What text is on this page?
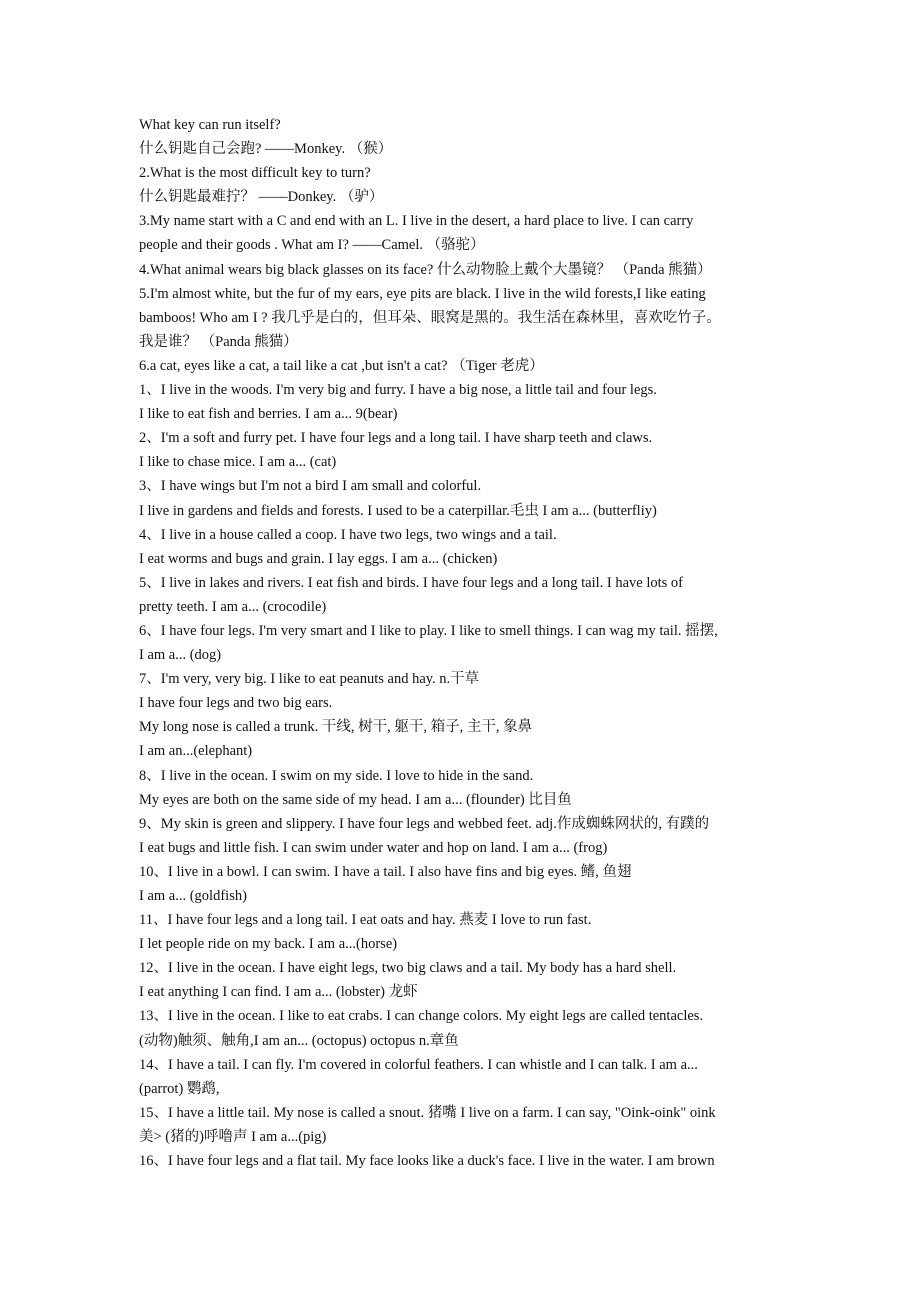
What key can run itself?
什么钥匙自己会跑? ——Monkey. （猴）
2.What is the most difficult key to turn?
什么钥匙最难拧？ ——Donkey. （驴）
3.My name start with a C and end with an L. I live in the desert, a hard place to live. I can carry
people and their goods . What am I? ——Camel. （骆驼）
4.What animal wears big black glasses on its face? 什么动物脸上戴个大墨镜？ （Panda 熊猫）
5.I'm almost white, but the fur of my ears, eye pits are black. I live in the wild forests,I like eating
bamboos! Who am I ? 我几乎是白的，但耳朵、眼窝是黑的。我生活在森林里，喜欢吃竹子。
我是谁？ （Panda 熊猫）
6.a cat, eyes like a cat, a tail like a cat ,but isn't a cat? （Tiger 老虎）
1、I live in the woods. I'm very big and furry. I have a big nose, a little tail and four legs.
I like to eat fish and berries. I am a... 9(bear)
2、I'm a soft and furry pet. I have four legs and a long tail. I have sharp teeth and claws.
I like to chase mice. I am a... (cat)
3、I have wings but I'm not a bird I am small and colorful.
I live in gardens and fields and forests. I used to be a caterpillar.毛虫 I am a... (butterfliy)
4、I live in a house called a coop. I have two legs, two wings and a tail.
I eat worms and bugs and grain. I lay eggs. I am a... (chicken)
5、I live in lakes and rivers. I eat fish and birds. I have four legs and a long tail. I have lots of
pretty teeth. I am a... (crocodile)
6、I have four legs. I'm very smart and I like to play. I like to smell things. I can wag my tail. 摇摆,
I am a... (dog)
7、I'm very, very big. I like to eat peanuts and hay. n.干草
I have four legs and two big ears.
My long nose is called a trunk. 干线, 树干, 躯干, 箱子, 主干, 象鼻
I am an...(elephant)
8、I live in the ocean. I swim on my side. I love to hide in the sand.
My eyes are both on the same side of my head. I am a... (flounder) 比目鱼
9、My skin is green and slippery. I have four legs and webbed feet. adj.作成蜘蛛网状的, 有蹼的
I eat bugs and little fish. I can swim under water and hop on land. I am a... (frog)
10、I live in a bowl. I can swim. I have a tail. I also have fins and big eyes. 鳍, 鱼翅
I am a... (goldfish)
11、I have four legs and a long tail. I eat oats and hay. 燕麦 I love to run fast.
I let people ride on my back. I am a...(horse)
12、I live in the ocean. I have eight legs, two big claws and a tail. My body has a hard shell.
I eat anything I can find. I am a... (lobster) 龙虾
13、I live in the ocean. I like to eat crabs. I can change colors. My eight legs are called tentacles.
(动物)触须、触角,I am an... (octopus) octopus n.章鱼
14、I have a tail. I can fly. I'm covered in colorful feathers. I can whistle and I can talk. I am a...
(parrot) 鹦鹉,
15、I have a little tail. My nose is called a snout. 猪嘴 I live on a farm. I can say, "Oink-oink" oink
美> (猪的)呼噜声 I am a...(pig)
16、I have four legs and a flat tail. My face looks like a duck's face. I live in the water. I am brown
